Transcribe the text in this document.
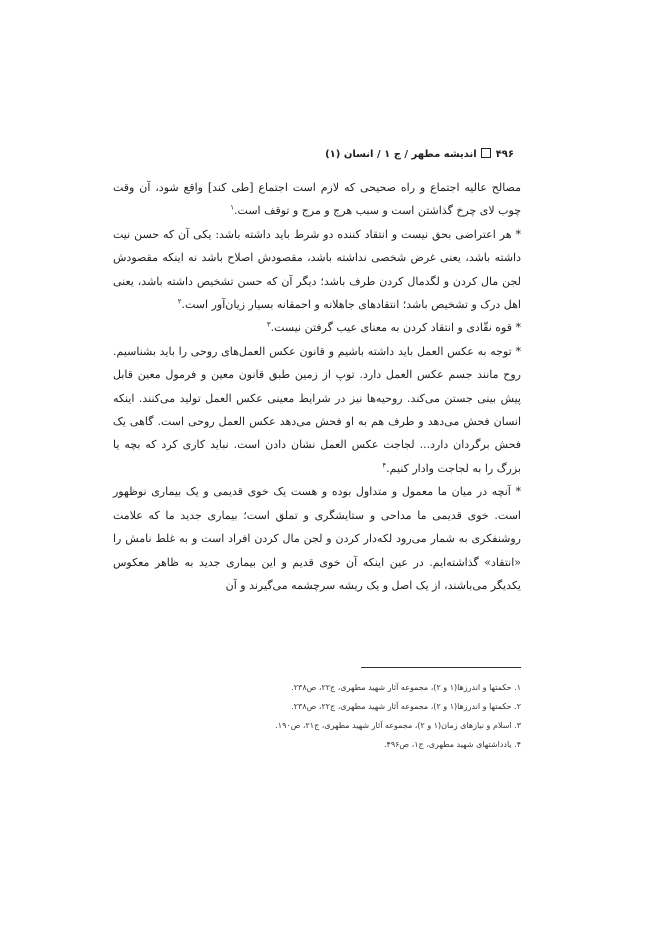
۴۹۶  اندیشه مطهر / ج ۱ / انسان (۱)

مصالح عالیه اجتماع و راه صحیحی که لازم است اجتماع [طی کند] واقع شود، آن وقت چوب لای چرخ گذاشتن است و سبب هرج و مرج و توقف است.$^۱$

* هر اعتراضی بحق نیست و انتقاد کننده دو شرط باید داشته باشد: یکی آن که حسن نیت داشته باشد، یعنی غرض شخصی نداشته باشد، مقصودش اصلاح باشد نه اینکه مقصودش لجن مال کردن و لگدمال کردن طرف باشد؛ دیگر آن که حسن تشخیص داشته باشد، یعنی اهل درک و تشخیص باشد؛ انتقادهای جاهلانه و احمقانه بسیار زیان‌آور است.$^۲$

* قوه نقّادی و انتقاد کردن به معنای عیب گرفتن نیست.$^۳$

* توجه به عکس العمل باید داشته باشیم و قانون عکس العمل‌های روحی را باید بشناسیم. روح مانند جسم عکس العمل دارد. توپ از زمین طبق قانون معین و فرمول معین قابل پیش بینی جستن می‌کند. روحیه‌ها نیز در شرایط معینی عکس العمل تولید می‌کنند. اینکه انسان فحش می‌دهد و طرف هم به او فحش می‌دهد عکس العمل روحی است. گاهی یک فحش برگردان دارد... لجاجت عکس العمل نشان دادن است. نباید کاری کرد که بچه یا بزرگ را به لجاجت وادار کنیم.$^۴$

* آنچه در میان ما معمول و متداول بوده و هست یک خوی قدیمی و یک بیماری نوظهور است. خوی قدیمی ما مداحی و ستایشگری و تملق است؛ بیماری جدید ما که علامت روشنفکری به شمار می‌رود لکه‌دار کردن و لجن مال کردن افراد است و به غلط نامش را «انتقاد» گذاشته‌ایم. در عین اینکه آن خوی قدیم و این بیماری جدید به ظاهر معکوس یکدیگر می‌باشند، از یک اصل و یک ریشه سرچشمه می‌گیرند و آن

۱. حکمتها و اندرزها(۱ و ۲)، مجموعه آثار شهید مطهری، ج۲۲، ص۲۳۸.
۲. حکمتها و اندرزها(۱ و ۲)، مجموعه آثار شهید مطهری، ج۲۲، ص۲۳۸.
۳. اسلام و نیازهای زمان(۱ و ۲)، مجموعه آثار شهید مطهری، ج۲۱، ص۱۹۰.
۴. یادداشتهای شهید مطهری، ج۱، ص۴۹۶.
